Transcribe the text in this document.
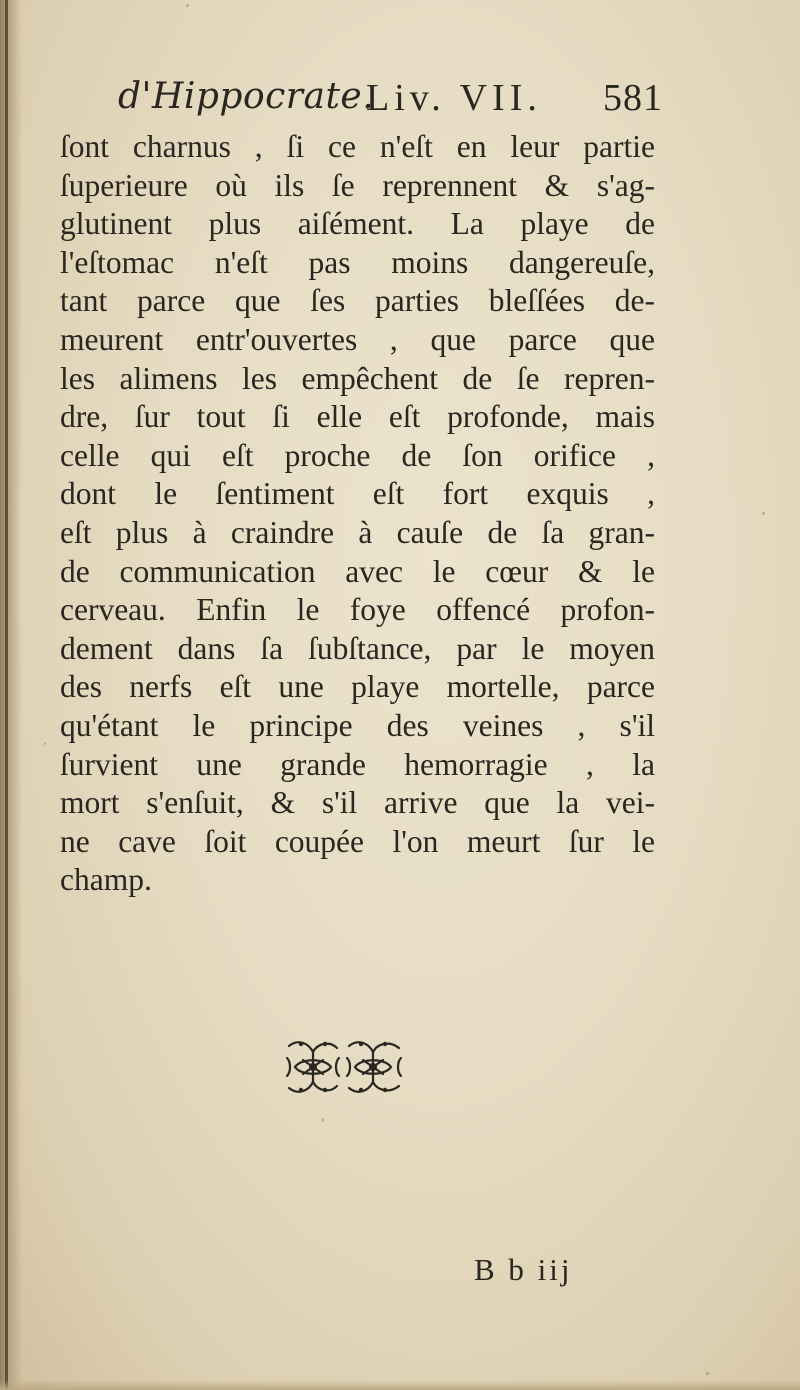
d'Hippocrate.
Liv. VII. 581
ſont charnus , ſi ce n'eſt en leur partie
ſuperieure où ils ſe reprennent & s'ag-
glutinent plus aiſément. La playe de
l'eſtomac n'eſt pas moins dangereuſe,
tant parce que ſes parties bleſſées de-
meurent entr'ouvertes , que parce que
les alimens les empêchent de ſe repren-
dre, ſur tout ſi elle eſt profonde, mais
celle qui eſt proche de ſon orifice ,
dont le ſentiment eſt fort exquis ,
eſt plus à craindre à cauſe de ſa gran-
de communication avec le cœur & le
cerveau. Enfin le foye offencé profon-
dement dans ſa ſubſtance, par le moyen
des nerfs eſt une playe mortelle, parce
qu'étant le principe des veines , s'il
ſurvient une grande hemorragie , la
mort s'enſuit, & s'il arrive que la vei-
ne cave ſoit coupée l'on meurt ſur le
champ.
B b iij
